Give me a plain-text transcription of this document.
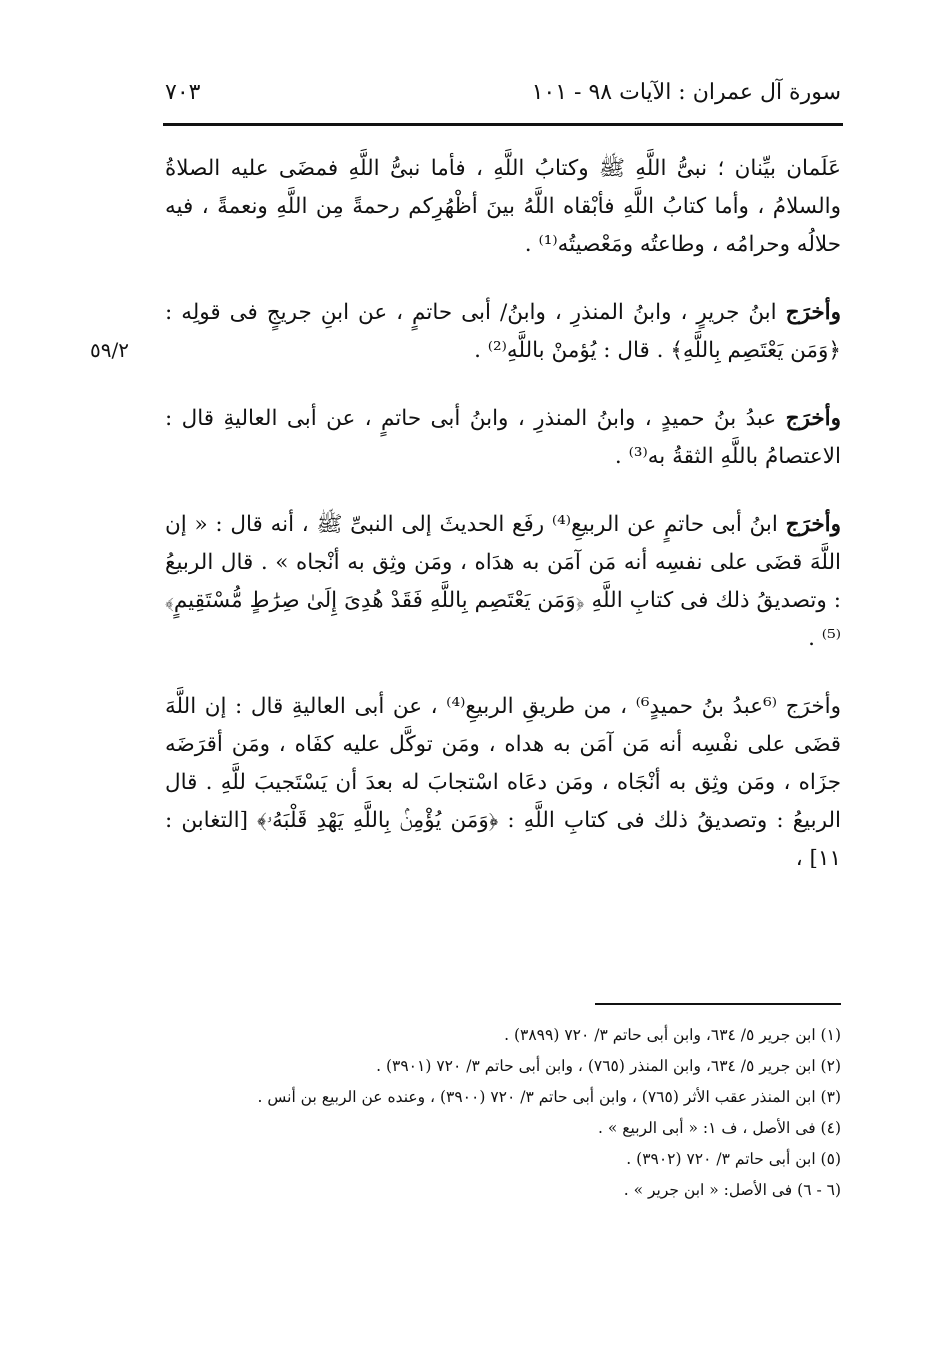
سورة آل عمران : الآيات ٩٨ - ١٠١
٧٠٣
٥٩/٢

عَلَمان بيِّنان ؛ نبىُّ اللَّهِ ﷺ وكتابُ اللَّهِ ، فأما نبىُّ اللَّهِ فمضَى عليه الصلاةُ والسلامُ ، وأما كتابُ اللَّهِ فأبْقاه اللَّهُ بينَ أظْهُرِكم رحمةً مِن اللَّهِ ونعمةً ، فيه حلالُه وحرامُه ، وطاعتُه ومَعْصيتُه⁽¹⁾ .

وأخرَج ابنُ جريرٍ ، وابنُ المنذرِ ، وابنُ/ أبى حاتمٍ ، عن ابنِ جريجٍ فى قولِه : ﴿وَمَن يَعْتَصِم بِاللَّهِ﴾ . قال : يُؤمنْ باللَّهِ⁽²⁾ .

وأخرَج عبدُ بنُ حميدٍ ، وابنُ المنذرِ ، وابنُ أبى حاتمٍ ، عن أبى العاليةِ قال : الاعتصامُ باللَّهِ الثقةُ به⁽³⁾ .

وأخرَج ابنُ أبى حاتمٍ عن الربيعِ⁽⁴⁾ رفَع الحديثَ إلى النبىِّ ﷺ ، أنه قال : « إن اللَّهَ قضَى على نفسِه أنه مَن آمَن به هدَاه ، ومَن وثِق به أنْجاه » . قال الربيعُ : وتصديقُ ذلك فى كتابِ اللَّهِ ﴿وَمَن يَعْتَصِم بِاللَّهِ فَقَدْ هُدِىَ إِلَىٰ صِرَٰطٍ مُّسْتَقِيمٍ﴾⁽⁵⁾ .

وأخرَج ⁽⁶عبدُ بنُ حميدٍ⁶⁾ ، من طريقِ الربيعِ⁽⁴⁾ ، عن أبى العاليةِ قال : إن اللَّهَ قضَى على نفْسِه أنه مَن آمَن به هداه ، ومَن توكَّل عليه كفَاه ، ومَن أقرَضَه جزَاه ، ومَن وثِق به أنْجَاه ، ومَن دعَاه اسْتجابَ له بعدَ أن يَسْتَجيبَ للَّهِ . قال الربيعُ : وتصديقُ ذلك فى كتابِ اللَّهِ : ﴿وَمَن يُؤْمِنۢ بِاللَّهِ يَهْدِ قَلْبَهُۥ﴾ [التغابن : ١١] ،

(١) ابن جرير ٥/ ٦٣٤، وابن أبى حاتم ٣/ ٧٢٠ (٣٨٩٩) .

(٢) ابن جرير ٥/ ٦٣٤، وابن المنذر (٧٦٥) ، وابن أبى حاتم ٣/ ٧٢٠ (٣٩٠١) .

(٣) ابن المنذر عقب الأثر (٧٦٥) ، وابن أبى حاتم ٣/ ٧٢٠ (٣٩٠٠) ، وعنده عن الربيع بن أنس .

(٤) فى الأصل ، ف ١: « أبى الربيع » .

(٥) ابن أبى حاتم ٣/ ٧٢٠ (٣٩٠٢) .

(٦ - ٦) فى الأصل: « ابن جرير » .
